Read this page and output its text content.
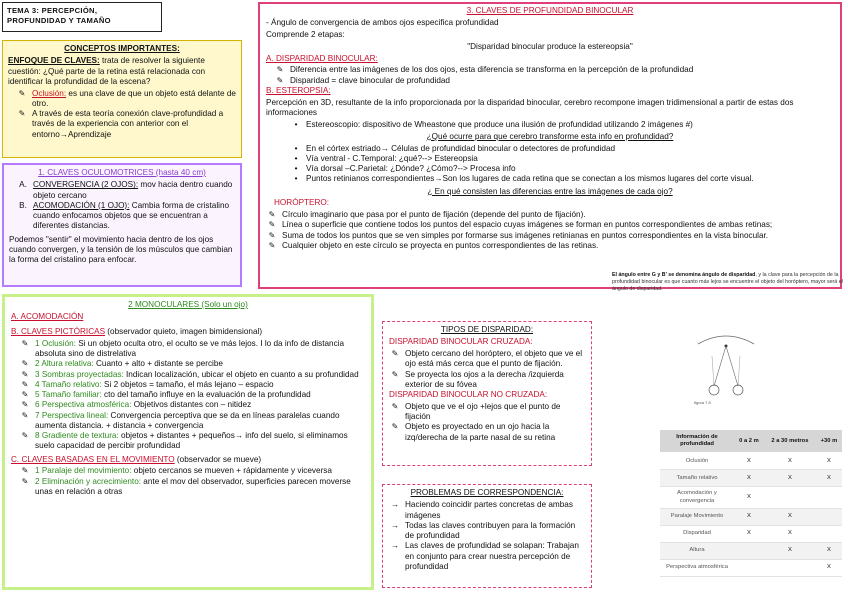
TEMA 3: PERCEPCIÓN,
PROFUNDIDAD Y TAMAÑO
CONCEPTOS IMPORTANTES:

ENFOQUE DE CLAVES: trata de resolver la siguiente cuestión: ¿Qué parte de la retina está relacionada con identificar la profundidad de la escena?

✎ Oclusión: es una clave de que un objeto está delante de otro.
✎ A través de esta teoría conexión clave-profundidad a través de la experiencia con anterior con el entorno→Aprendizaje
1. CLAVES OCULOMOTRICES (hasta 40 cm)
A. CONVERGENCIA (2 OJOS): mov hacia dentro cuando objeto cercano
B. ACOMODACIÓN (1 OJO): Cambia forma de cristalino cuando enfocamos objetos que se encuentran a diferentes distancias.

Podemos "sentir" el movimiento hacia dentro de los ojos cuando convergen, y la tensión de los músculos que cambian la forma del cristalino para enfocar.

3. CLAVES DE PROFUNDIDAD BINOCULAR

- Ángulo de convergencia de ambos ojos especifica profundidad

Comprende 2 etapas:

"Disparidad binocular produce la estereopsia"

A. DISPARIDAD BINOCULAR:

✎ Diferencia entre las imágenes de los dos ojos, esta diferencia se transforma en la percepción de la profundidad
✎ Disparidad = clave binocular de profundidad

B. ESTEROPSIA:

Percepción en 3D, resultante de la info proporcionada por la disparidad binocular, cerebro recompone imagen tridimensional a partir de estas dos informaciones

•	Estereoscopio: dispositivo de Wheastone que produce una ilusión de profundidad utilizando 2 imágenes #)

¿Qué ocurre para que cerebro transforme esta info en profundidad?

•	En el córtex estriado→ Células de profundidad binocular o detectores de profundidad
•	Vía ventral - C.Temporal: ¿qué?--> Estereopsia
•	Vía dorsal –C.Parietal: ¿Dónde? ¿Cómo?--> Procesa info
•	Puntos retinianos correspondientes→Son los lugares de cada retina que se conectan a los mismos lugares del corte visual.

¿ En qué consisten las diferencias entre las imágenes de cada ojo?

HORÓPTERO:

✎ Círculo imaginario que pasa por el punto de fijación (depende del punto de fijación).
✎ Línea o superficie que contiene todos los puntos del espacio cuyas imágenes se forman en puntos correspondientes de ambas retinas;
✎ Suma de todos los puntos que se ven simples por formarse sus imágenes retinianas en puntos correspondientes en la vista binocular.
✎ Cualquier objeto en este círculo se proyecta en puntos correspondientes de las retinas.
2 MONOCULARES (Solo un ojo)

A. ACOMODACIÓN

B. CLAVES PICTÓRICAS (observador quieto, imagen bimidensional)

✎ 1 Oclusión: Si un objeto oculta otro, el oculto se ve más lejos. I lo da info de distancia absoluta sino de distrelativa
✎ 2 Altura relativa: Cuanto + alto + distante se percibe
✎ 3 Sombras proyectadas: Indican localización, ubicar el objeto en cuanto a su profundidad
✎ 4 Tamaño relativo: Si 2 objetos = tamaño, el más lejano – espacio
✎ 5 Tamaño familiar: cto del tamaño influye en la evaluación de la profundidad
✎ 6 Perspectiva atmosférica: Objetivos distantes con – nitidez
✎ 7 Perspectiva lineal: Convergencia perceptiva que se da en líneas paralelas cuando aumenta distancia. + distancia + convergencia
✎ 8 Gradiente de textura: objetos + distantes + pequeños→ info del suelo, si eliminamos suelo capacidad de percibir profundidad

C. CLAVES BASADAS EN EL MOVIMIENTO (observador se mueve)

✎ 1 Paralaje del movimiento: objeto cercanos se mueven + rápidamente y viceversa
✎ 2 Eliminación y acrecimiento: ante el mov del observador, superficies parecen moverse unas en relación a otras
TIPOS DE DISPARIDAD:

DISPARIDAD BINOCULAR CRUZADA:

✎ Objeto cercano del horóptero, el objeto que ve el ojo está más cerca que el punto de fijación.
✎ Se proyecta los ojos a la derecha /izquierda exterior de su fóvea

DISPARIDAD BINOCULAR NO CRUZADA:

✎ Objeto que ve el ojo +lejos que el punto de fijación
✎ Objeto es proyectado en un ojo hacia la izq/derecha de la parte nasal de su retina
PROBLEMAS DE CORRESPONDENCIA:
→ Haciendo coincidir partes concretas de ambas imágenes
→ Todas las claves contribuyen para la formación de profundidad
→ Las claves de profundidad se solapan: Trabajan en conjunto para crear nuestra percepción de profundidad
El ángulo entre G y B' se denomina ángulo de disparidad, y la clave para la percepción de la profundidad binocular es que cuanto más lejos se encuentre el objeto del horóptero, mayor será el ángulo de disparidad.
figura 7.8
Información de profundidad	0 a 2 m	2 a 30 metros	+30 m
Oclusión	X	X	X
Tamaño relativo	X	X	X
Acomodación y convergencia	X		
Paralaje Movimiento	X	X	
Disparidad	X	X	
Altura		X	X
Perspectiva atmosférica			X
